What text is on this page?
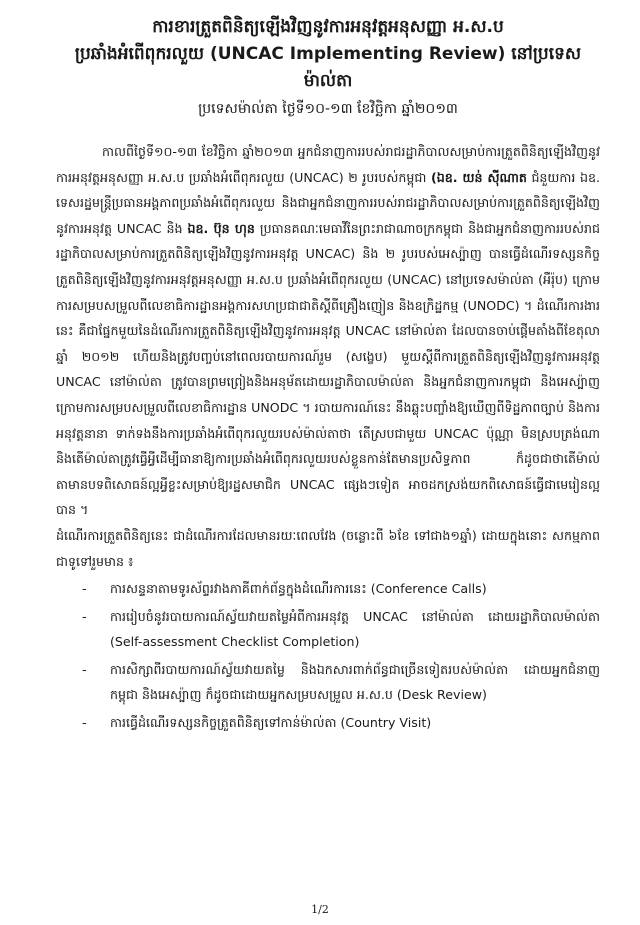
ការខារត្រួតពិនិត្យឡើងវិញនូវការអនុវត្តអនុសញ្ញា អ.ស.ប
ប្រឆាំងអំពើពុករលួយ (UNCAC Implementing Review) នៅប្រទេសម៉ាល់តា

ប្រទេសម៉ាល់តា ថ្ងៃទី១០-១៣ ខែវិច្ឆិកា ឆ្នាំ២០១៣

កាលពីថ្ងៃទី១០-១៣ ខែវិច្ឆិកា ឆ្នាំ២០១៣ អ្នកជំនាញការរបស់រាជរដ្ឋាភិបាលសម្រាប់ការត្រួតពិនិត្យឡើងវិញនូវការអនុវត្តអនុសញ្ញា អ.ស.ប ប្រឆាំងអំពើពុករលួយ (UNCAC) ២ រូបរបស់កម្ពុជា (ឯឧ. យន់ ស៊ីណាត ជំនួយការ ឯឧ. ទេសរដ្ឋមន្ត្រីប្រធានអង្គភាពប្រឆាំងអំពើពុករលួយ និងជាអ្នកជំនាញការរបស់រាជរដ្ឋាភិបាលសម្រាប់ការត្រួតពិនិត្យឡើងវិញនូវការអនុវត្ត UNCAC និង ឯឧ. ប៊ុន ហុន ប្រធានគណៈមេធាវីនៃព្រះរាជាណាចក្រកម្ពុជា និងជាអ្នកជំនាញការរបស់រាជរដ្ឋាភិបាលសម្រាប់ការត្រួតពិនិត្យឡើងវិញនូវការអនុវត្ត UNCAC) និង ២ រូបរបស់អេស្ប៉ាញ បានធ្វើដំណើរទស្សនកិច្ចត្រួតពិនិត្យឡើងវិញនូវការអនុវត្តអនុសញ្ញា អ.ស.ប ប្រឆាំងអំពើពុករលួយ (UNCAC) នៅប្រទេសម៉ាល់តា (អឺរ៉ុប) ក្រោមការសម្របសម្រួលពីលេខាធិការដ្ឋានអង្គការសហប្រជាជាតិស្តីពីគ្រឿងញៀន និងឧក្រិដ្ឋកម្ម (UNODC) ។ ដំណើរការងារនេះ គឺជាផ្នែកមួយនៃដំណើរការត្រួតពិនិត្យឡើងវិញនូវការអនុវត្ត UNCAC នៅម៉ាល់តា ដែលបានចាប់ផ្តើមតាំងពីខែតុលា ឆ្នាំ ២០១២ ហើយនិងត្រូវបញ្ចប់នៅពេលរបាយការណ៍រួម (សង្ខេប) មួយស្តីពីការត្រួតពិនិត្យឡើងវិញនូវការអនុវត្ត UNCAC នៅម៉ាល់តា ត្រូវបានព្រមព្រៀងនិងអនុម័តដោយរដ្ឋាភិបាលម៉ាល់តា និងអ្នកជំនាញការកម្ពុជា និងអេស្ប៉ាញ ក្រោមការសម្របសម្រួលពីលេខាធិការដ្ឋាន UNODC ។ របាយការណ៍នេះ នឹងឆ្លុះបញ្ចាំងឱ្យឃើញពីទិដ្ឋភាពច្បាប់ និងការអនុវត្តនានា ទាក់ទងនឹងការប្រឆាំងអំពើពុករលួយរបស់ម៉ាល់តាថា តើស្របជាមួយ UNCAC ប៉ុណ្ណា មិនស្របត្រង់ណា និងតើម៉ាល់តាត្រូវធ្វើអ្វីដើម្បីធានាឱ្យការប្រឆាំងអំពើពុករលួយរបស់ខ្លួនកាន់តែមានប្រសិទ្ធភាព ក៏ដូចជាថាតើម៉ាល់តាមានបទពិសោធន៍ល្អអ្វីខ្លះសម្រាប់ឱ្យរដ្ឋសមាជិក UNCAC ផ្សេងៗទៀត អាចដកស្រង់យកពិសោធន៍ធ្វើជាមេរៀនល្អបាន ។

ដំណើរការត្រួតពិនិត្យនេះ ជាដំណើរការដែលមានរយៈពេលវែង (ចន្លោះពី ៦ខែ ទៅជាង១ឆ្នាំ) ដោយក្នុងនោះ សកម្មភាពជាទូទៅរួមមាន ៖

- ការសន្ទនាតាមទូរស័ព្ទរវាងភាគីពាក់ព័ន្ធក្នុងដំណើរការនេះ (Conference Calls)
- ការរៀបចំនូវរបាយការណ៍ស្វ័យវាយតម្លៃអំពីការអនុវត្ត UNCAC នៅម៉ាល់តា ដោយរដ្ឋាភិបាលម៉ាល់តា (Self-assessment Checklist Completion)
- ការសិក្សាពីរបាយការណ៍ស្វ័យវាយតម្លៃ និងឯកសារពាក់ព័ន្ធជាច្រើនទៀតរបស់ម៉ាល់តា ដោយអ្នកជំនាញកម្ពុជា និងអេស្ប៉ាញ ក៏ដូចជាដោយអ្នកសម្របសម្រួល អ.ស.ប (Desk Review)
- ការធ្វើដំណើរទស្សនកិច្ចត្រួតពិនិត្យទៅកាន់ម៉ាល់តា (Country Visit)
1/2
